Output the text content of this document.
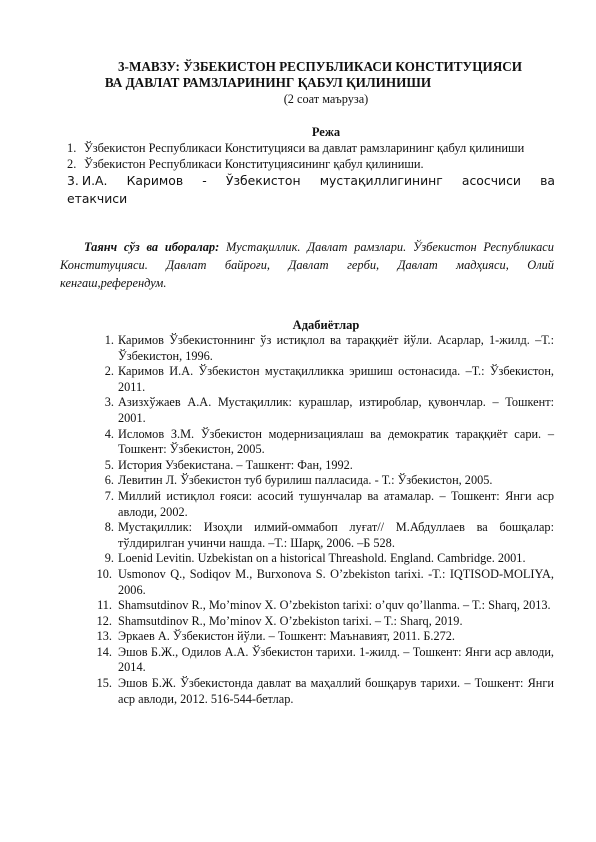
3-МАВЗУ: ЎЗБЕКИСТОН РЕСПУБЛИКАСИ КОНСТИТУЦИЯСИ
ВА ДАВЛАТ РАМЗЛАРИНИНГ ҚАБУЛ ҚИЛИНИШИ
(2 соат маъруза)
Режа
1. Ўзбекистон Республикаси Конституцияси ва давлат рамзларининг қабул қилиниши
2. Ўзбекистон Республикаси Конституциясининг қабул қилиниши.
3. И.А. Каримов - Ўзбекистон мустақиллигининг асосчиси ва етакчиси
Таянч сўз ва иборалар: Мустақиллик. Давлат рамзлари. Ўзбекистон Республикаси Конституцияси. Давлат байроғи, Давлат герби, Давлат мадҳияси, Олий кенгаш,референдум.
Адабиётлар
1. Каримов Ўзбекистоннинг ўз истиқлол ва тараққиёт йўли. Асарлар, 1-жилд. –Т.: Ўзбекистон, 1996.
2. Каримов И.А. Ўзбекистон мустақилликка эришиш остонасида. –Т.: Ўзбекистон, 2011.
3. Азизхўжаев А.А. Мустақиллик: курашлар, изтироблар, қувончлар. – Тошкент: 2001.
4. Исломов З.М. Ўзбекистон модернизациялаш ва демократик тараққиёт сари. – Тошкент: Ўзбекистон, 2005.
5. История Узбекистана. – Ташкент: Фан, 1992.
6. Левитин Л. Ўзбекистон туб бурилиш палласида. - Т.: Ўзбекистон, 2005.
7. Миллий истиқлол ғояси: асосий тушунчалар ва атамалар. – Тошкент: Янги аср авлоди, 2002.
8. Мустақиллик: Изоҳли илмий-оммабоп луғат// М.Абдуллаев ва бошқалар: тўлдирилган учинчи нашда. –Т.: Шарқ, 2006. –Б 528.
9. Loenid Levitin. Uzbekistan on a historical Threashold. England. Cambridge. 2001.
10. Usmonov Q., Sodiqov M., Burxonova S. O’zbekiston tarixi. -T.: IQTISOD-MOLIYA, 2006.
11. Shamsutdinov R., Mo’minov X. O’zbekiston tarixi: o’quv qo’llanma. – T.: Sharq, 2013.
12. Shamsutdinov R., Mo’minov X. O’zbekiston tarixi. – T.: Sharq, 2019.
13. Эркаев А. Ўзбекистон йўли. – Тошкент: Маънавият, 2011. Б.272.
14. Эшов Б.Ж., Одилов А.А. Ўзбекистон тарихи. 1-жилд. – Тошкент: Янги аср авлоди, 2014.
15. Эшов Б.Ж. Ўзбекистонда давлат ва маҳаллий бошқарув тарихи. – Тошкент: Янги аср авлоди, 2012. 516-544-бетлар.
